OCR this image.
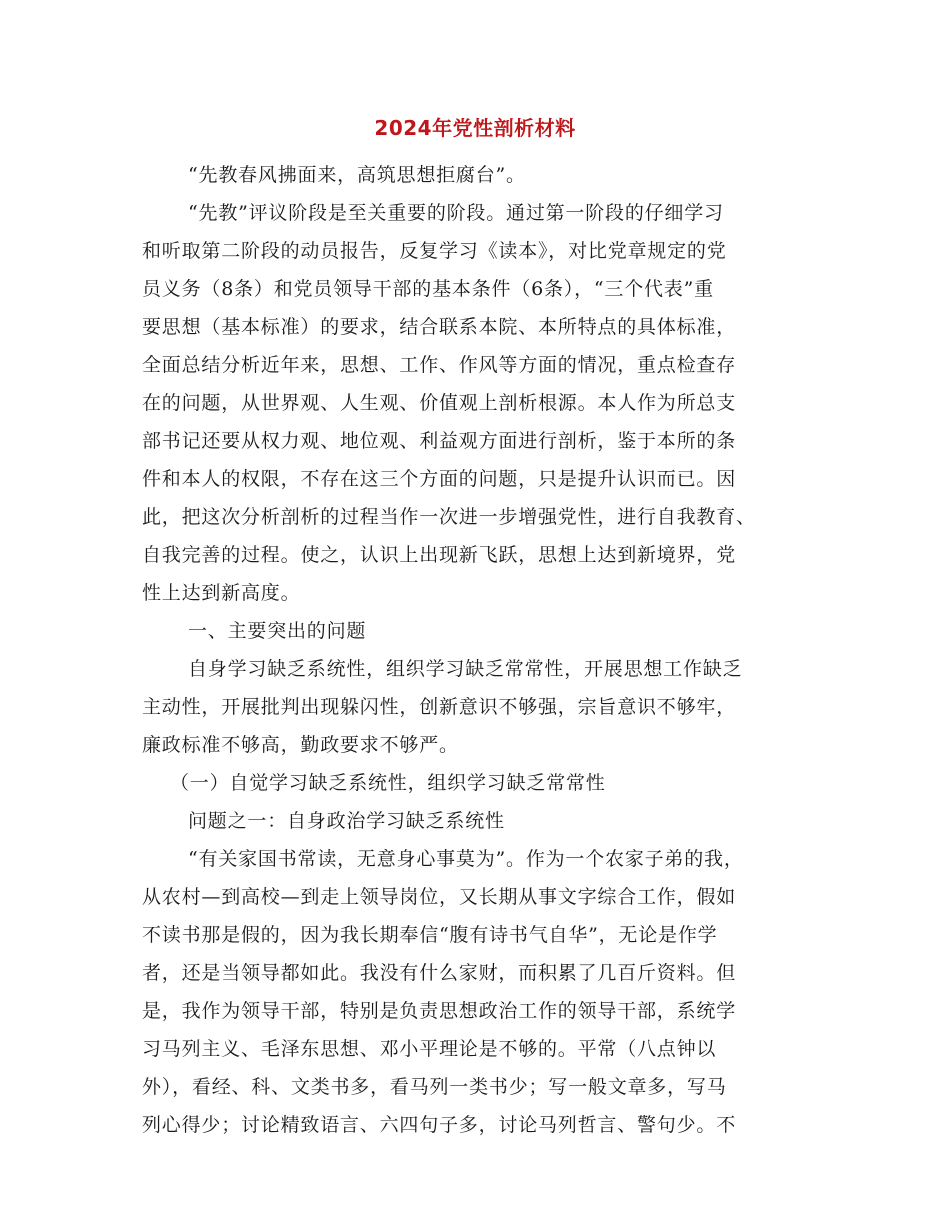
2024年党性剖析材料
“先教春风拂面来，高筑思想拒腐台”。
“先教”评议阶段是至关重要的阶段。通过第一阶段的仔细学习
和听取第二阶段的动员报告，反复学习《读本》，对比党章规定的党
员义务（8条）和党员领导干部的基本条件（6条），“三个代表”重
要思想（基本标准）的要求，结合联系本院、本所特点的具体标准，
全面总结分析近年来，思想、工作、作风等方面的情况，重点检查存
在的问题，从世界观、人生观、价值观上剖析根源。本人作为所总支
部书记还要从权力观、地位观、利益观方面进行剖析，鉴于本所的条
件和本人的权限，不存在这三个方面的问题，只是提升认识而已。因
此，把这次分析剖析的过程当作一次进一步增强党性，进行自我教育、
自我完善的过程。使之，认识上出现新飞跃，思想上达到新境界，党
性上达到新高度。
一、主要突出的问题
自身学习缺乏系统性，组织学习缺乏常常性，开展思想工作缺乏
主动性，开展批判出现躲闪性，创新意识不够强，宗旨意识不够牢，
廉政标准不够高，勤政要求不够严。
（一）自觉学习缺乏系统性，组织学习缺乏常常性
问题之一：自身政治学习缺乏系统性
“有关家国书常读，无意身心事莫为”。作为一个农家子弟的我，
从农村—到高校—到走上领导岗位，又长期从事文字综合工作，假如
不读书那是假的，因为我长期奉信“腹有诗书气自华”，无论是作学
者，还是当领导都如此。我没有什么家财，而积累了几百斤资料。但
是，我作为领导干部，特别是负责思想政治工作的领导干部，系统学
习马列主义、毛泽东思想、邓小平理论是不够的。平常（八点钟以
外），看经、科、文类书多，看马列一类书少；写一般文章多，写马
列心得少；讨论精致语言、六四句子多，讨论马列哲言、警句少。不
